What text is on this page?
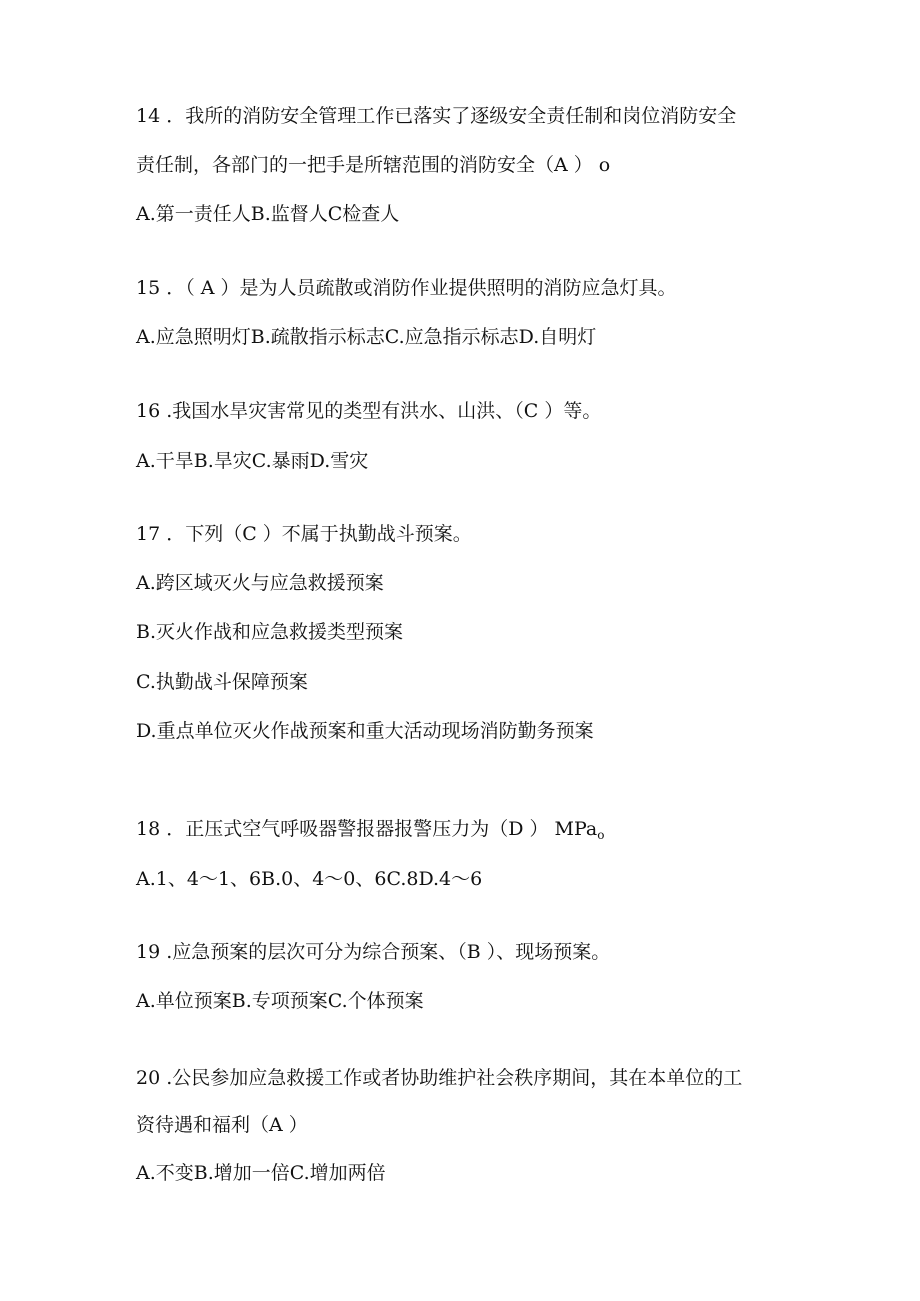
14 ．我所的消防安全管理工作已落实了逐级安全责任制和岗位消防安全

责任制，各部门的一把手是所辖范围的消防安全（A ） o

A.第一责任人B.监督人C检查人

15 ．（ A ）是为人员疏散或消防作业提供照明的消防应急灯具。

A.应急照明灯B.疏散指示标志C.应急指示标志D.自明灯

16 .我国水旱灾害常见的类型有洪水、山洪、（C ）等。

A.干旱B.旱灾C.暴雨D.雪灾

17 ．下列（C ）不属于执勤战斗预案。

A.跨区域灭火与应急救援预案

B.灭火作战和应急救援类型预案

C.执勤战斗保障预案

D.重点单位灭火作战预案和重大活动现场消防勤务预案

18 ．正压式空气呼吸器警报器报警压力为（D ） MPa$_o$

A.1、4～1、6B.0、4～0、6C.8D.4～6

19 .应急预案的层次可分为综合预案、（B ）、现场预案。

A.单位预案B.专项预案C.个体预案

20 .公民参加应急救援工作或者协助维护社会秩序期间，其在本单位的工

资待遇和福利（A ）

A.不变B.增加一倍C.增加两倍
